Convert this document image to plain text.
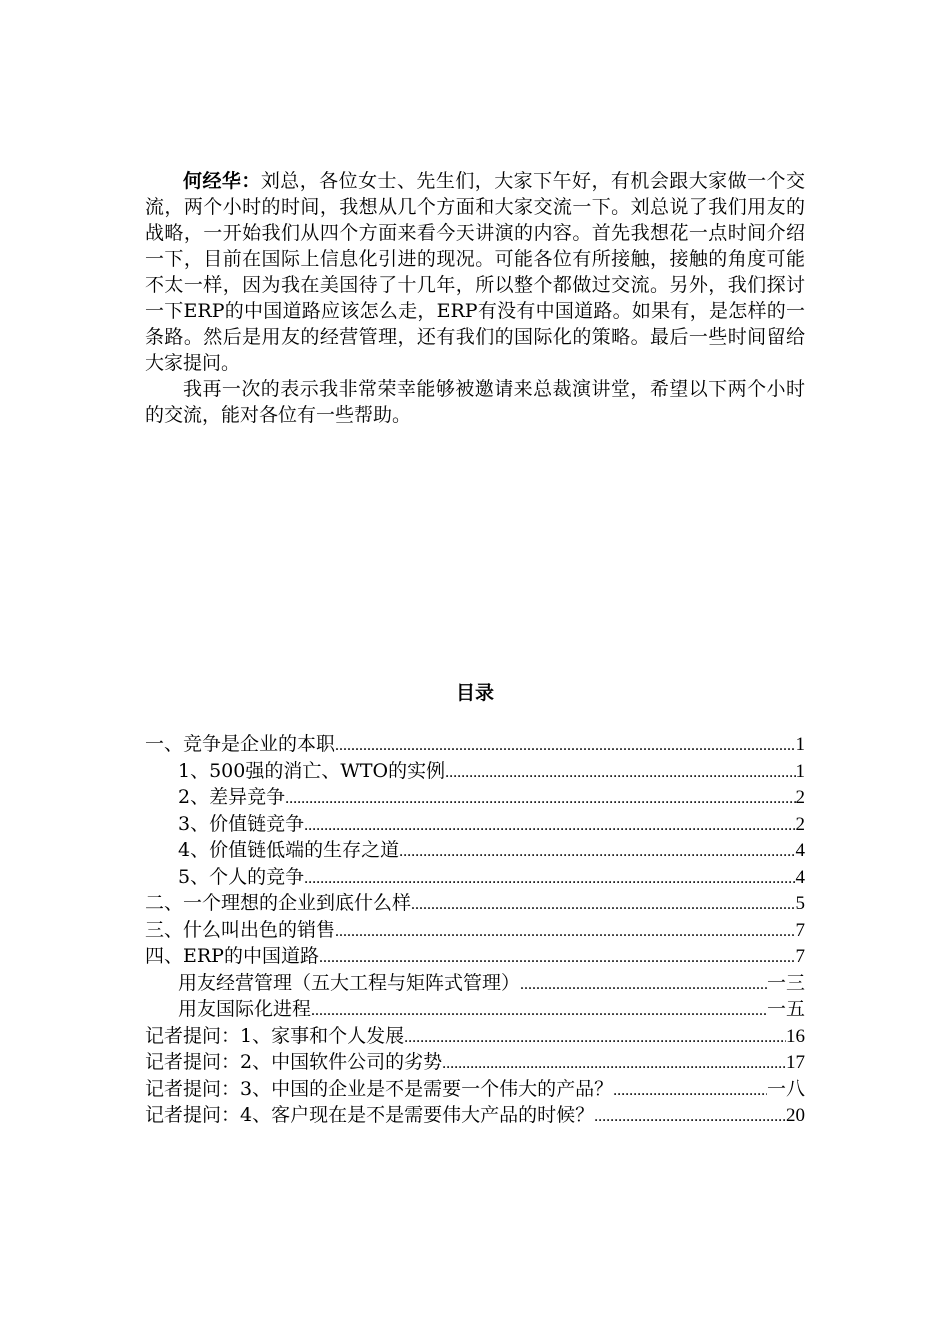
何经华：刘总，各位女士、先生们，大家下午好，有机会跟大家做一个交流，两个小时的时间，我想从几个方面和大家交流一下。刘总说了我们用友的战略，一开始我们从四个方面来看今天讲演的内容。首先我想花一点时间介绍一下，目前在国际上信息化引进的现况。可能各位有所接触，接触的角度可能不太一样，因为我在美国待了十几年，所以整个都做过交流。另外，我们探讨一下ERP的中国道路应该怎么走，ERP有没有中国道路。如果有，是怎样的一条路。然后是用友的经营管理，还有我们的国际化的策略。最后一些时间留给大家提问。

我再一次的表示我非常荣幸能够被邀请来总裁演讲堂，希望以下两个小时的交流，能对各位有一些帮助。

目录
一、竞争是企业的本职 .....	1
1、500强的消亡、WTO的实例 .....	1
2、差异竞争 .....	2
3、价值链竞争 .....	2
4、价值链低端的生存之道 .....	4
5、个人的竞争 .....	4
二、一个理想的企业到底什么样 .....	5
三、什么叫出色的销售 .....	7
四、ERP的中国道路 .....	7
用友经营管理（五大工程与矩阵式管理） .....	一三
用友国际化进程 .....	一五
记者提问：1、家事和个人发展 .....	16
记者提问：2、中国软件公司的劣势 .....	17
记者提问：3、中国的企业是不是需要一个伟大的产品？ .....	一八
记者提问：4、客户现在是不是需要伟大产品的时候？ .....	20
